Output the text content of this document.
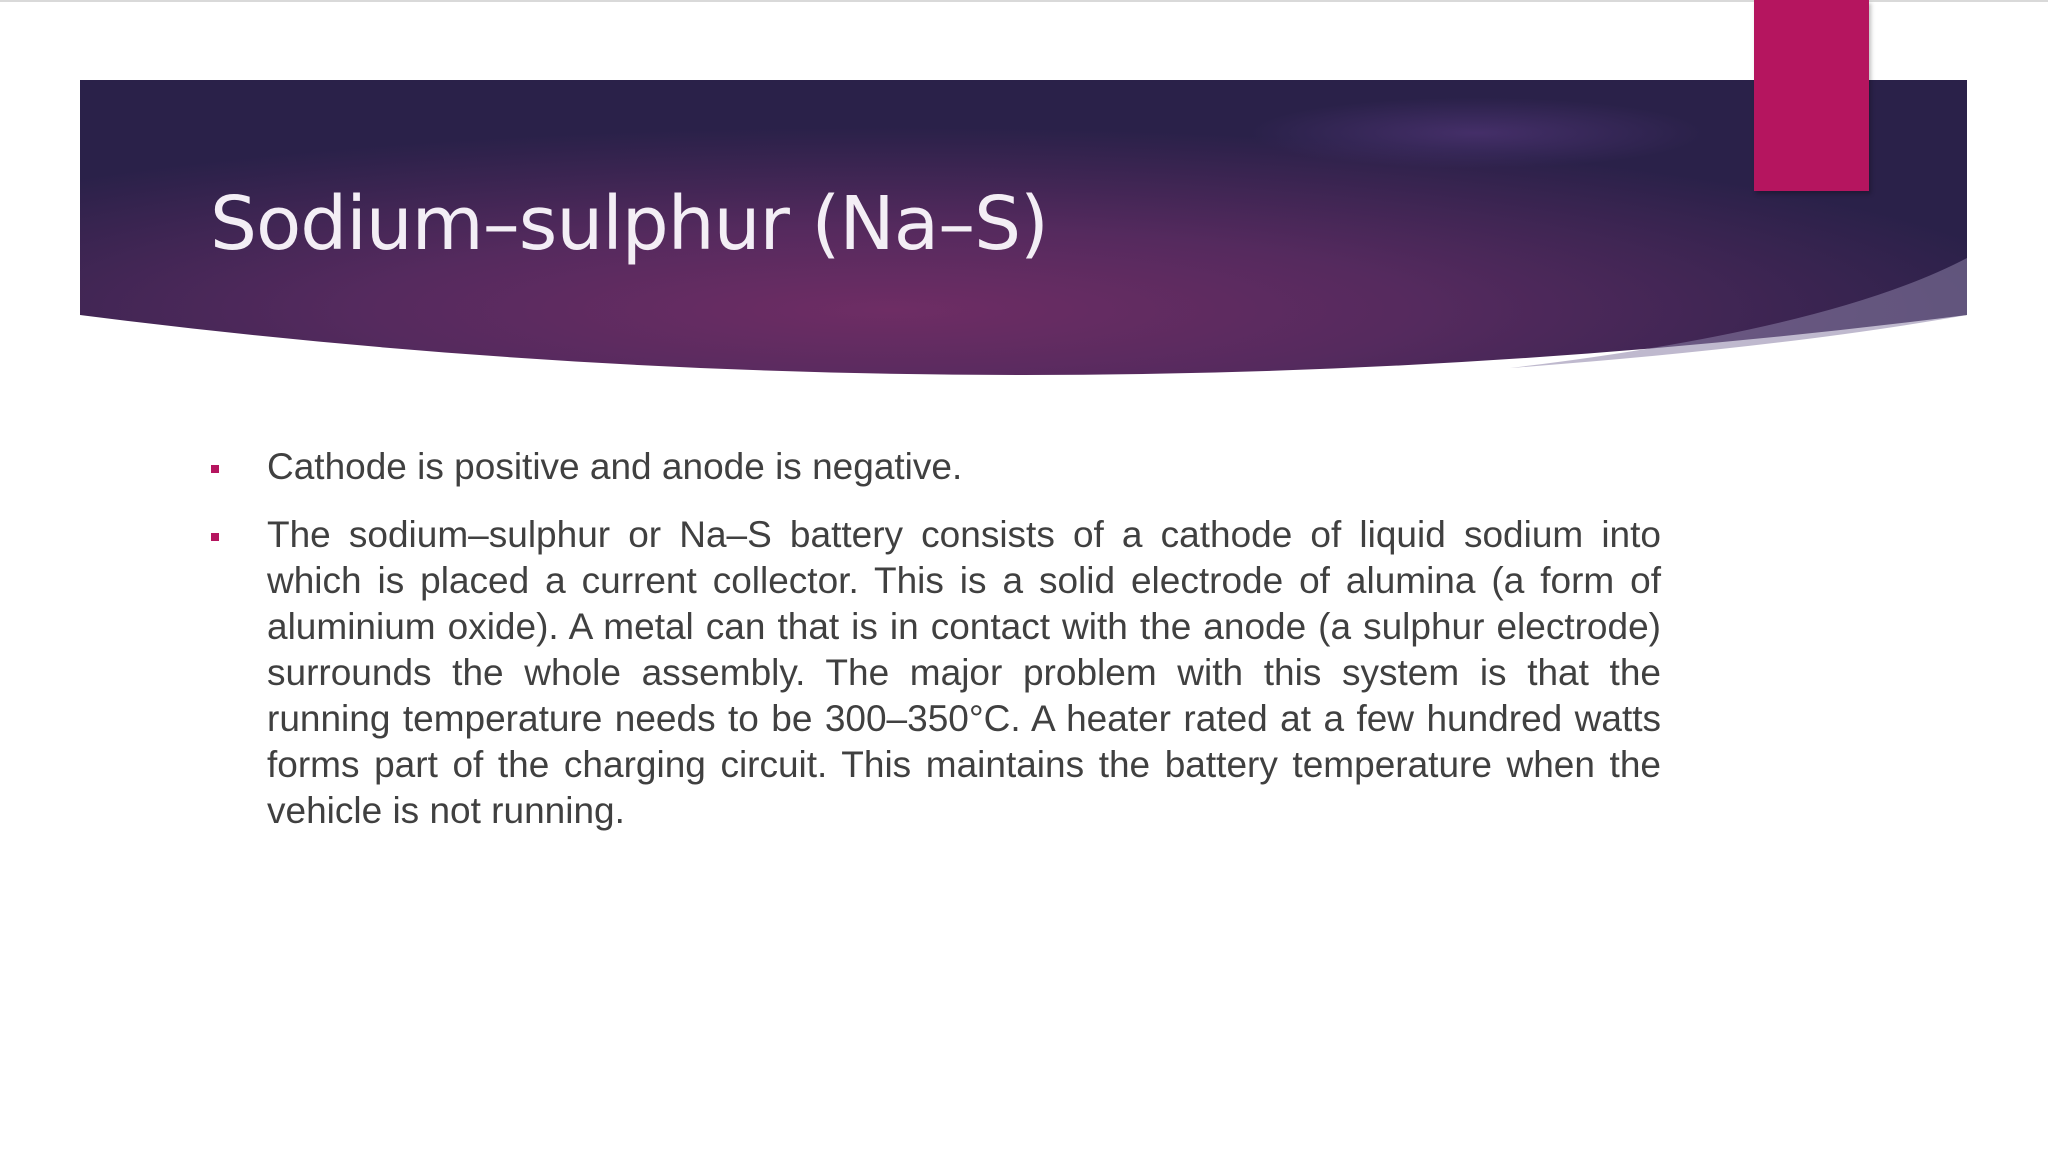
Sodium–sulphur (Na–S)
Cathode is positive and anode is negative.
The sodium–sulphur or Na–S battery consists of a cathode of liquid sodium into which is placed a current collector. This is a solid electrode of alumina (a form of aluminium oxide). A metal can that is in contact with the anode (a sulphur electrode) surrounds the whole assembly. The major problem with this system is that the running temperature needs to be 300–350°C. A heater rated at a few hundred watts forms part of the charging circuit. This maintains the battery temperature when the vehicle is not running.
